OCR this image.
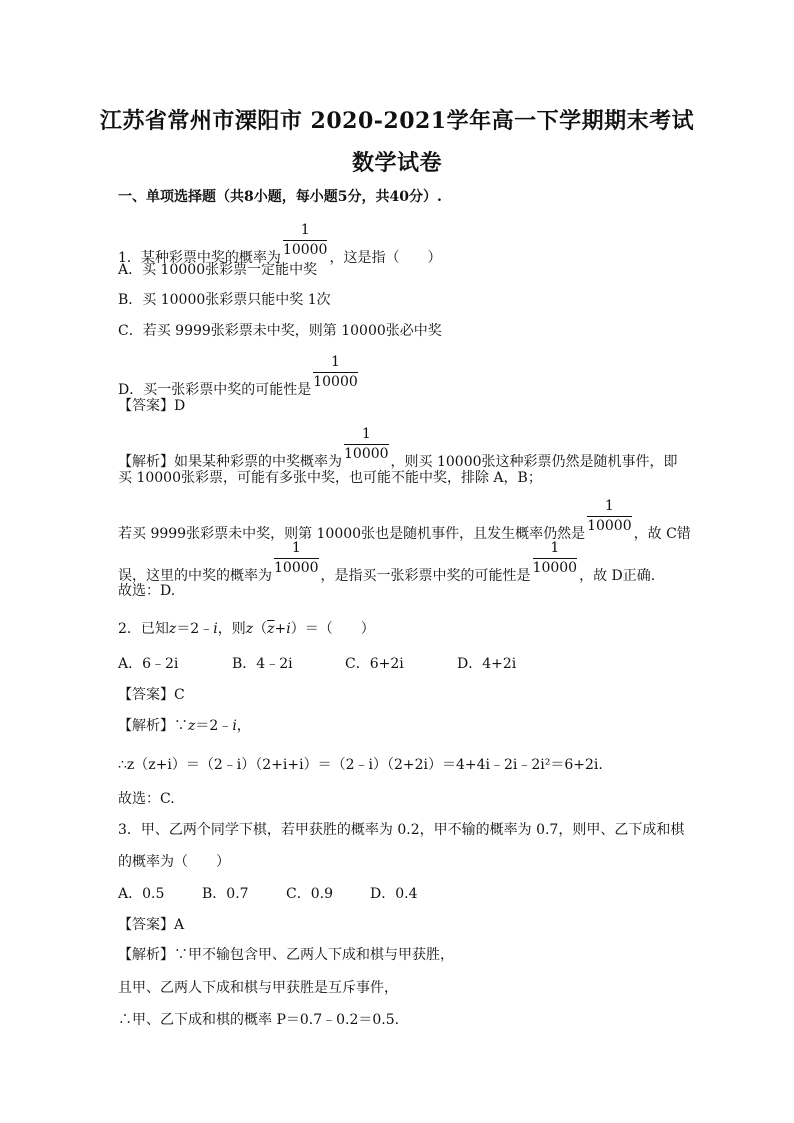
江苏省常州市溧阳市 2020-2021学年高一下学期期末考试
数学试卷
一、单项选择题（共8小题，每小题5分，共40分）.
1．某种彩票中奖的概率为 $\frac{1}{10000}$ ，这是指（　　）
A．买 10000张彩票一定能中奖
B．买 10000张彩票只能中奖 1次
C．若买 9999张彩票未中奖，则第 10000张必中奖
D．买一张彩票中奖的可能性是 $\frac{1}{10000}$
【答案】D
【解析】如果某种彩票的中奖概率为 $\frac{1}{10000}$ ，则买 10000张这种彩票仍然是随机事件，即
买 10000张彩票，可能有多张中奖，也可能不能中奖，排除 A，B；
若买 9999张彩票未中奖，则第 10000张也是随机事件，且发生概率仍然是 $\frac{1}{10000}$ ，故 C错
误，这里的中奖的概率为 $\frac{1}{10000}$ ，是指买一张彩票中奖的可能性是 $\frac{1}{10000}$ ，故 D正确.
故选：D.
2．已知z＝2﹣i，则$z(\overline{z}+i)=$（　　）
A．6﹣2i	B．4﹣2i	C．6+2i	D．4+2i
【答案】C
【解析】∵z＝2﹣i，
∴z（z+i）＝（2﹣i）（2+i+i）＝（2﹣i）（2+2i）＝4+4i﹣2i﹣2i²＝6+2i.
故选：C.
3．甲、乙两个同学下棋，若甲获胜的概率为 0.2，甲不输的概率为 0.7，则甲、乙下成和棋
的概率为（　　）
A．0.5	B．0.7	C．0.9	D．0.4
【答案】A
【解析】∵甲不输包含甲、乙两人下成和棋与甲获胜，
且甲、乙两人下成和棋与甲获胜是互斥事件，
∴甲、乙下成和棋的概率 P＝0.7﹣0.2＝0.5.
